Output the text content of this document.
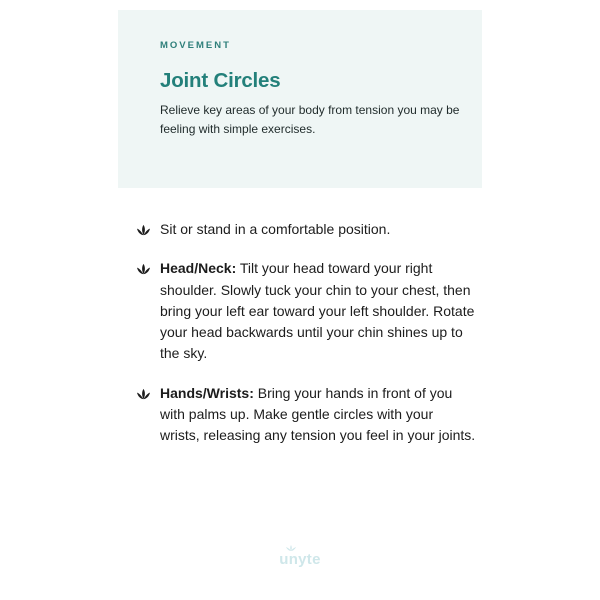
MOVEMENT
Joint Circles
Relieve key areas of your body from tension you may be feeling with simple exercises.
Sit or stand in a comfortable position.
Head/Neck: Tilt your head toward your right shoulder. Slowly tuck your chin to your chest, then bring your left ear toward your left shoulder. Rotate your head backwards until your chin shines up to the sky.
Hands/Wrists: Bring your hands in front of you with palms up. Make gentle circles with your wrists, releasing any tension you feel in your joints.
unyte
